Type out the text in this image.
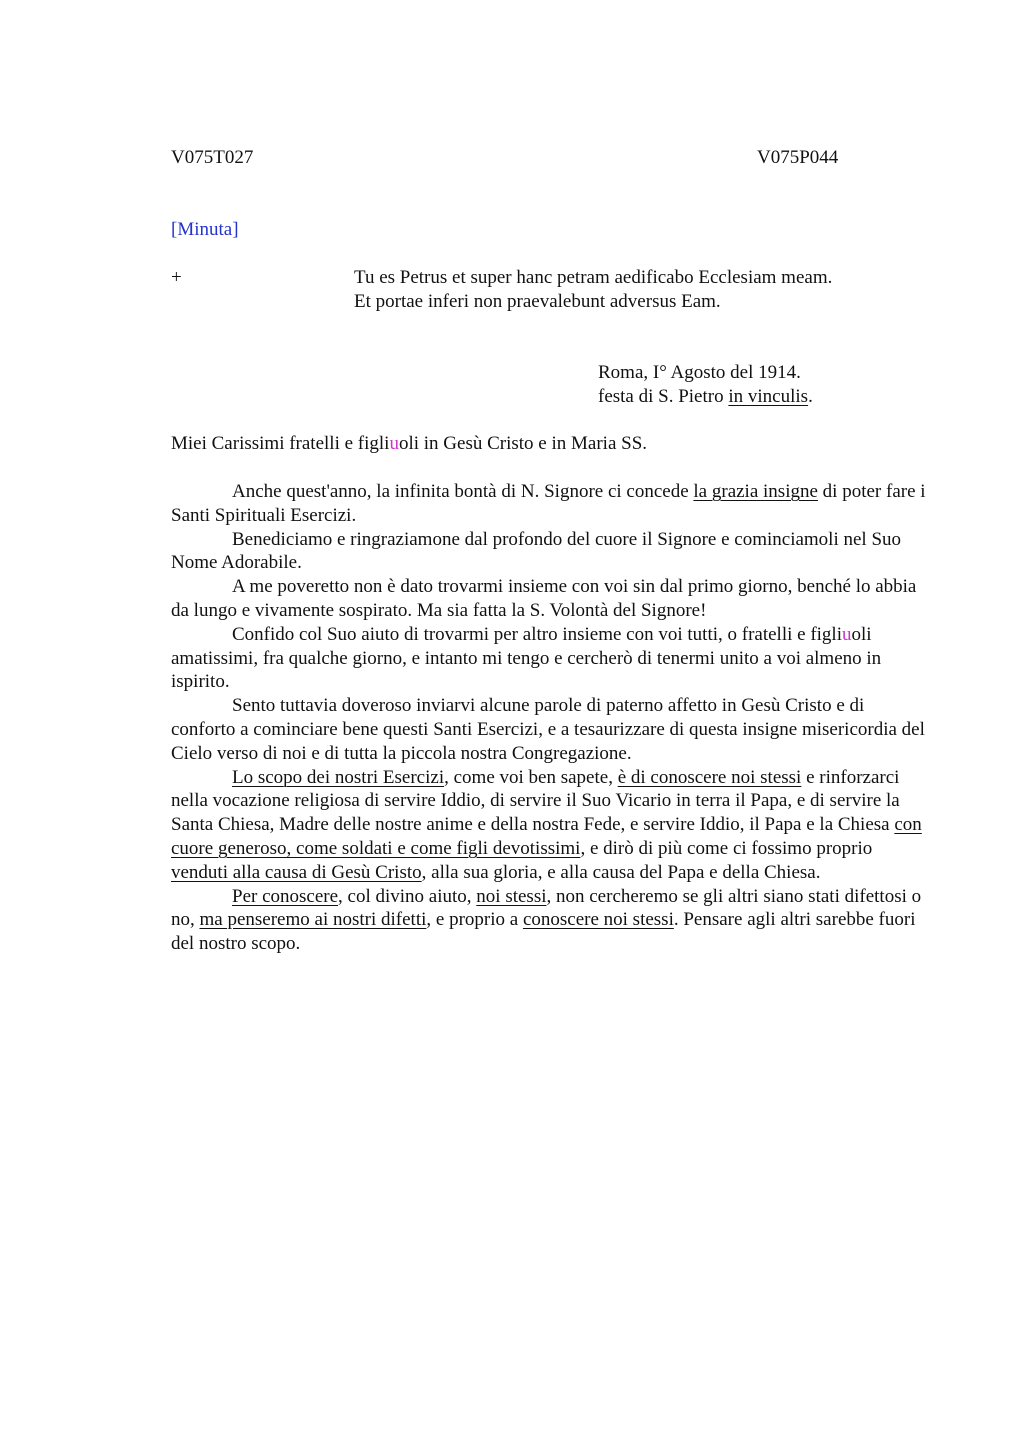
V075T027	V075P044
[Minuta]
+	Tu es Petrus et super hanc petram aedificabo Ecclesiam meam.
Et portae inferi non praevalebunt adversus Eam.
Roma, I° Agosto del 1914.
festa di S. Pietro in vinculis.
Miei Carissimi fratelli e figliuoli in Gesù Cristo e in Maria SS.

Anche quest'anno, la infinita bontà di N. Signore ci concede la grazia insigne di poter fare i Santi Spirituali Esercizi.

Benediciamo e ringraziamone dal profondo del cuore il Signore e cominciamoli nel Suo Nome Adorabile.

A me poveretto non è dato trovarmi insieme con voi sin dal primo giorno, benché lo abbia da lungo e vivamente sospirato. Ma sia fatta la S. Volontà del Signore!

Confido col Suo aiuto di trovarmi per altro insieme con voi tutti, o fratelli e figliuoli amatissimi, fra qualche giorno, e intanto mi tengo e cercherò di tenermi unito a voi almeno in ispirito.

Sento tuttavia doveroso inviarvi alcune parole di paterno affetto in Gesù Cristo e di conforto a cominciare bene questi Santi Esercizi, e a tesaurizzare di questa insigne misericordia del Cielo verso di noi e di tutta la piccola nostra Congregazione.

Lo scopo dei nostri Esercizi, come voi ben sapete, è di conoscere noi stessi e rinforzarci nella vocazione religiosa di servire Iddio, di servire il Suo Vicario in terra il Papa, e di servire la Santa Chiesa, Madre delle nostre anime e della nostra Fede, e servire Iddio, il Papa e la Chiesa con cuore generoso, come soldati e come figli devotissimi, e dirò di più come ci fossimo proprio venduti alla causa di Gesù Cristo, alla sua gloria, e alla causa del Papa e della Chiesa.

Per conoscere, col divino aiuto, noi stessi, non cercheremo se gli altri siano stati difettosi o no, ma penseremo ai nostri difetti, e proprio a conoscere noi stessi. Pensare agli altri sarebbe fuori del nostro scopo.
